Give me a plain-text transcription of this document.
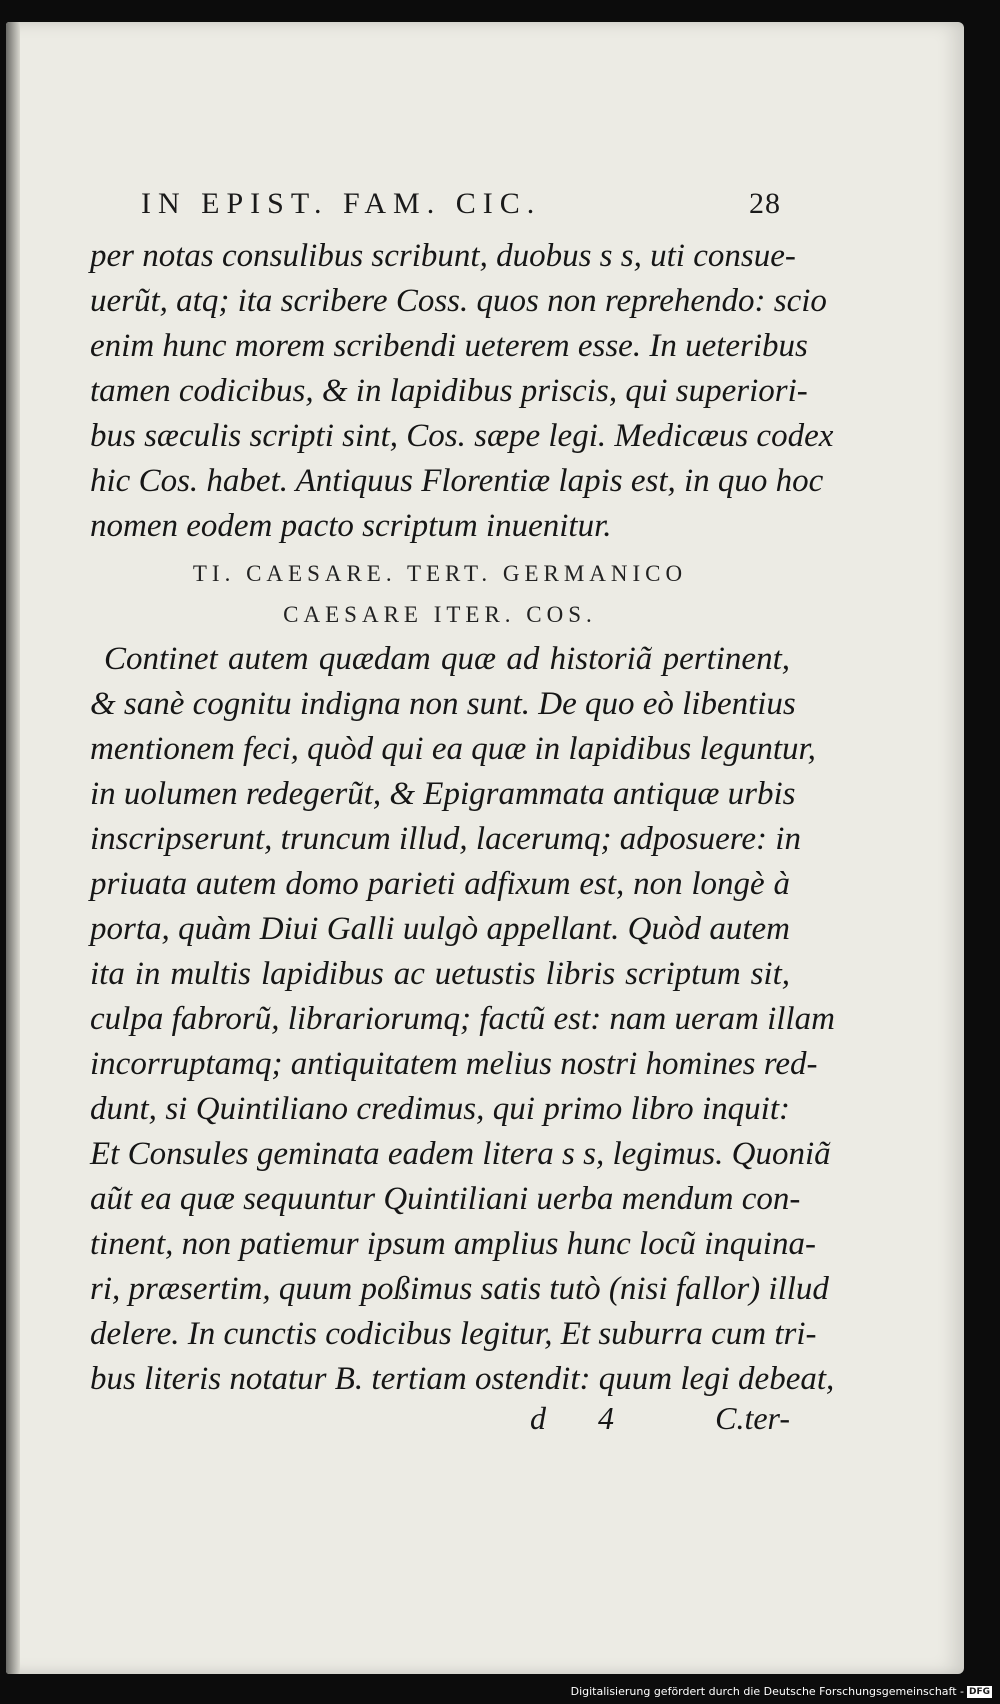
IN EPIST. FAM. CIC.	28
per notas consulibus scribunt, duobus s s, uti consue-
uerũt, atq; ita scribere Coss. quos non reprehendo: scio
enim hunc morem scribendi ueterem esse. In ueteribus
tamen codicibus, & in lapidibus priscis, qui superiori-
bus sæculis scripti sint, Cos. sæpe legi. Medicæus codex
hic Cos. habet. Antiquus Florentiæ lapis est, in quo hoc
nomen eodem pacto scriptum inuenitur.
TI. CAESARE. TERT. GERMANICO
CAESARE ITER. COS.
Continet autem quædam quæ ad historiã pertinent,
& sanè cognitu indigna non sunt. De quo eò libentius
mentionem feci, quòd qui ea quæ in lapidibus leguntur,
in uolumen redegerũt, & Epigrammata antiquæ urbis
inscripserunt, truncum illud, lacerumq; adposuere: in
priuata autem domo parieti adfixum est, non longè à
porta, quàm Diui Galli uulgò appellant. Quòd autem
ita in multis lapidibus ac uetustis libris scriptum sit,
culpa fabrorũ, librariorumq; factũ est: nam ueram illam
incorruptamq; antiquitatem melius nostri homines red-
dunt, si Quintiliano credimus, qui primo libro inquit:
Et Consules geminata eadem litera s s, legimus. Quoniã
aũt ea quæ sequuntur Quintiliani uerba mendum con-
tinent, non patiemur ipsum amplius hunc locũ inquina-
ri, præsertim, quum poßimus satis tutò (nisi fallor) illud
delere. In cunctis codicibus legitur, Et suburra cum tri-
bus literis notatur B. tertiam ostendit: quum legi debeat,
d 4 C.ter-
Digitalisierung gefördert durch die Deutsche Forschungsgemeinschaft - DFG
